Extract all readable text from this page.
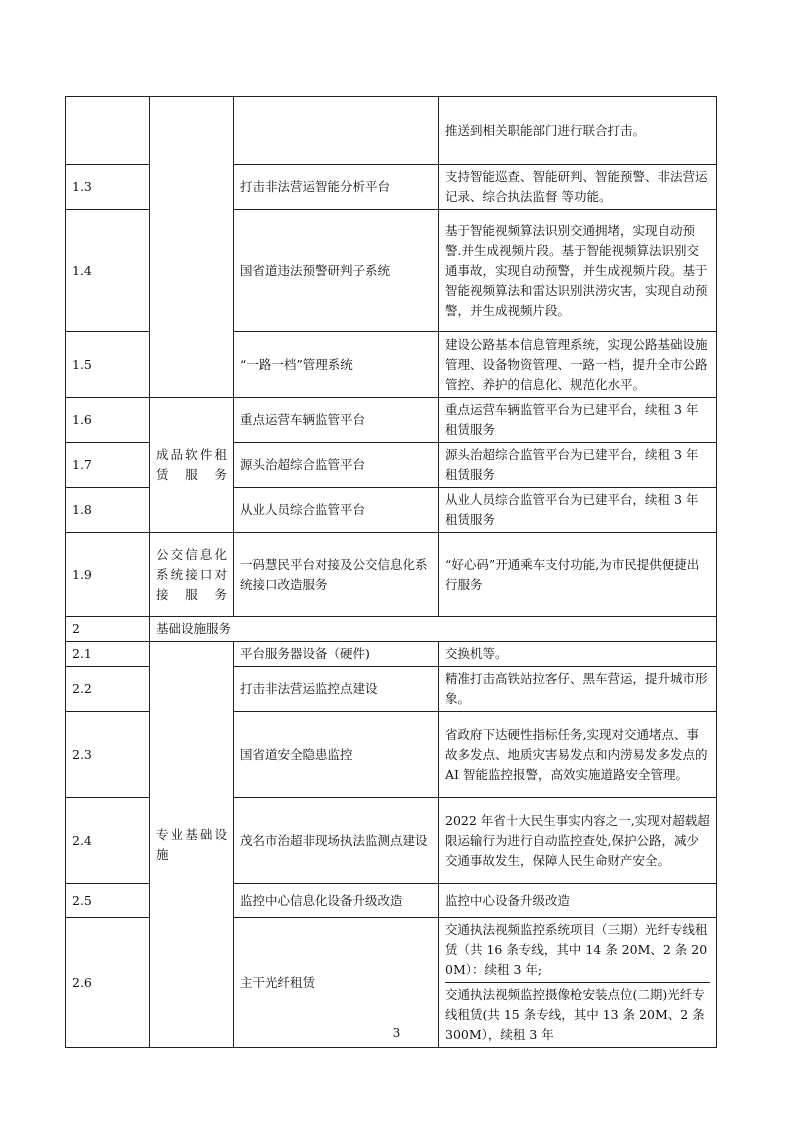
			推送到相关职能部门进行联合打击。

1.3		打击非法营运智能分析平台	支持智能巡查、智能研判、智能预警、非法营运记录、综合执法监督 等功能。

1.4		国省道违法预警研判子系统	基于智能视频算法识别交通拥堵，实现自动预警.并生成视频片段。基于智能视频算法识别交通事故，实现自动预警，并生成视频片段。基于智能视频算法和雷达识别洪涝灾害，实现自动预警，并生成视频片段。

1.5		“一路一档”管理系统	建设公路基本信息管理系统，实现公路基础设施管理、设备物资管理、一路一档，提升全市公路管控、养护的信息化、规范化水平。

1.6	成品软件租赁服务	重点运营车辆监管平台	重点运营车辆监管平台为已建平台，续租 3 年租赁服务

1.7		源头治超综合监管平台	源头治超综合监管平台为已建平台，续租 3 年租赁服务

1.8		从业人员综合监管平台	从业人员综合监管平台为已建平台，续租 3 年租赁服务

1.9	公交信息化系统接口对接服务	一码慧民平台对接及公交信息化系统接口改造服务	“好心码”开通乘车支付功能,为市民提供便捷出行服务

2	基础设施服务		
2.1	专业基础设施	平台服务器设备（硬件)	交换机等。

2.2		打击非法营运监控点建设	精准打击高铁站拉客仔、黑车营运，提升城市形象。

2.3		国省道安全隐患监控	省政府下达硬性指标任务,实现对交通堵点、事故多发点、地质灾害易发点和内涝易发多发点的 AI 智能监控报警，高效实施道路安全管理。

2.4		茂名市治超非现场执法监测点建设	2022 年省十大民生事实内容之一,实现对超载超限运输行为进行自动监控查处,保护公路，减少交通事故发生，保障人民生命财产安全。

2.5		监控中心信息化设备升级改造	监控中心设备升级改造

2.6		主干光纤租赁	交通执法视频监控系统项目（三期）光纤专线租赁（共 16 条专线，其中 14 条 20M、2 条 200M）：续租 3 年;

交通执法视频监控摄像枪安装点位(二期)光纤专线租赁(共 15 条专线，其中 13 条 20M、2 条 300M），续租 3 年

3
